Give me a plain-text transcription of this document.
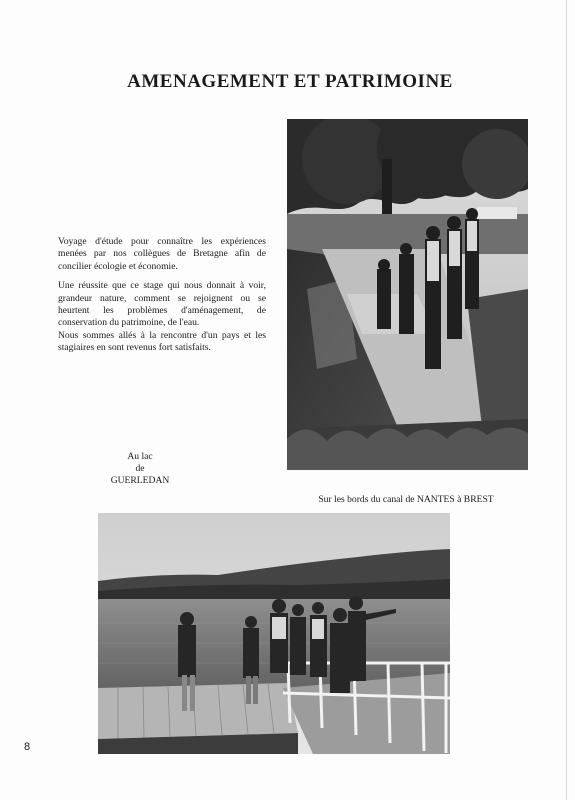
AMENAGEMENT ET PATRIMOINE

Voyage d'étude pour connaître les expériences menées par nos collègues de Bretagne afin de concilier écologie et économie.

Une réussite que ce stage qui nous donnait à voir, grandeur nature, comment se rejoignent ou se heurtent les problèmes d'aménagement, de conservation du patrimoine, de l'eau.

Nous sommes allés à la rencontre d'un pays et les stagiaires en sont revenus fort satisfaits.

Au lac
de
GUERLEDAN
Sur les bords du canal de NANTES à BREST
8
